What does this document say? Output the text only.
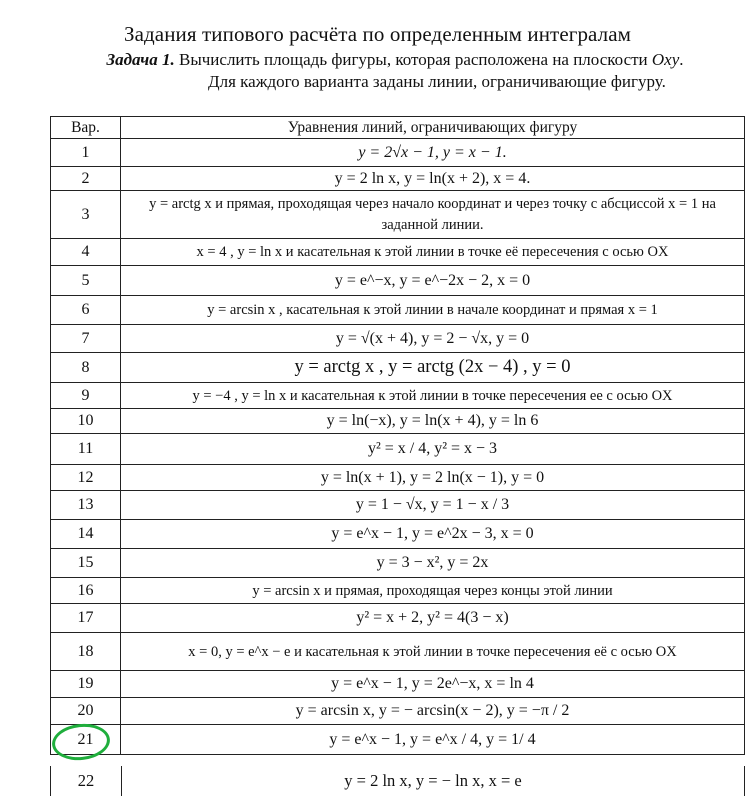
Задания типового расчёта по определенным интегралам
Задача 1. Вычислить площадь фигуры, которая расположена на плоскости Oxy.
Для каждого варианта заданы линии, ограничивающие фигуру.
Вар.	Уравнения линий, ограничивающих фигуру
1	y = 2√x − 1, y = x − 1.
2	y = 2 ln x, y = ln(x + 2), x = 4.
3	y = arctg x и прямая, проходящая через начало координат и через точку с абсциссой x = 1 на заданной линии.
4	x = 4 , y = ln x и касательная к этой линии в точке её пересечения с осью OX
5	y = e^−x, y = e^−2x − 2, x = 0
6	y = arcsin x , касательная к этой линии в начале координат и прямая x = 1
7	y = √(x + 4), y = 2 − √x, y = 0
8	y = arctg x , y = arctg (2x − 4) , y = 0
9	y = −4 , y = ln x и касательная к этой линии в точке пересечения ее с осью OX
10	y = ln(−x), y = ln(x + 4), y = ln 6
11	y² = x / 4, y² = x − 3
12	y = ln(x + 1), y = 2 ln(x − 1), y = 0
13	y = 1 − √x, y = 1 − x / 3
14	y = e^x − 1, y = e^2x − 3, x = 0
15	y = 3 − x², y = 2x
16	y = arcsin x и прямая, проходящая через концы этой линии
17	y² = x + 2, y² = 4(3 − x)
18	x = 0, y = e^x − e и касательная к этой линии в точке пересечения её с осью OX
19	y = e^x − 1, y = 2e^−x, x = ln 4
20	y = arcsin x, y = − arcsin(x − 2), y = −π / 2
21	y = e^x − 1, y = e^x / 4, y = 1/ 4
22	y = 2 ln x, y = − ln x, x = e
